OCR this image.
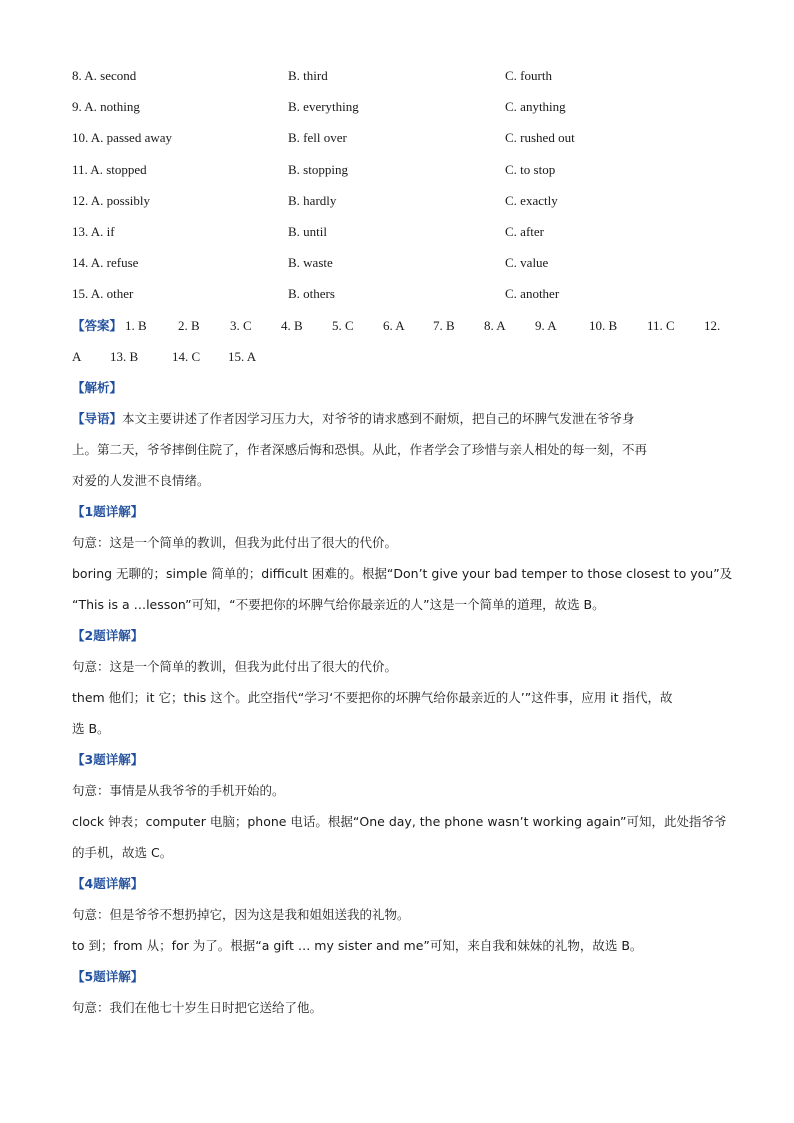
8. A. second	B. third	C. fourth
9. A. nothing	B. everything	C. anything
10. A. passed away	B. fell over	C. rushed out
11. A. stopped	B. stopping	C. to stop
12. A. possibly	B. hardly	C. exactly
13. A. if	B. until	C. after
14. A. refuse	B. waste	C. value
15. A. other	B. others	C. another
【答案】 1. B 2. B 3. C 4. B 5. C 6. A 7. B 8. A 9. A 10. B 11. C 12.
A 13. B	14. C 15. A
【解析】
【导语】本文主要讲述了作者因学习压力大，对爷爷的请求感到不耐烦，把自己的坏脾气发泄在爷爷身
上。第二天，爷爷摔倒住院了，作者深感后悔和恐惧。从此，作者学会了珍惜与亲人相处的每一刻，不再
对爱的人发泄不良情绪。
【1题详解】
句意：这是一个简单的教训，但我为此付出了很大的代价。
boring 无聊的；simple 简单的；difficult 困难的。根据“Don’t give your bad temper to those closest to you”及
“This is a …lesson”可知，“不要把你的坏脾气给你最亲近的人”这是一个简单的道理，故选 B。
【2题详解】
句意：这是一个简单的教训，但我为此付出了很大的代价。
them 他们；it 它；this 这个。此空指代“学习‘不要把你的坏脾气给你最亲近的人’”这件事，应用 it 指代，故
选 B。
【3题详解】
句意：事情是从我爷爷的手机开始的。
clock 钟表；computer 电脑；phone 电话。根据“One day, the phone wasn’t working again”可知，此处指爷爷
的手机，故选 C。
【4题详解】
句意：但是爷爷不想扔掉它，因为这是我和姐姐送我的礼物。
to 到；from 从；for 为了。根据“a gift … my sister and me”可知，来自我和妹妹的礼物，故选 B。
【5题详解】
句意：我们在他七十岁生日时把它送给了他。
